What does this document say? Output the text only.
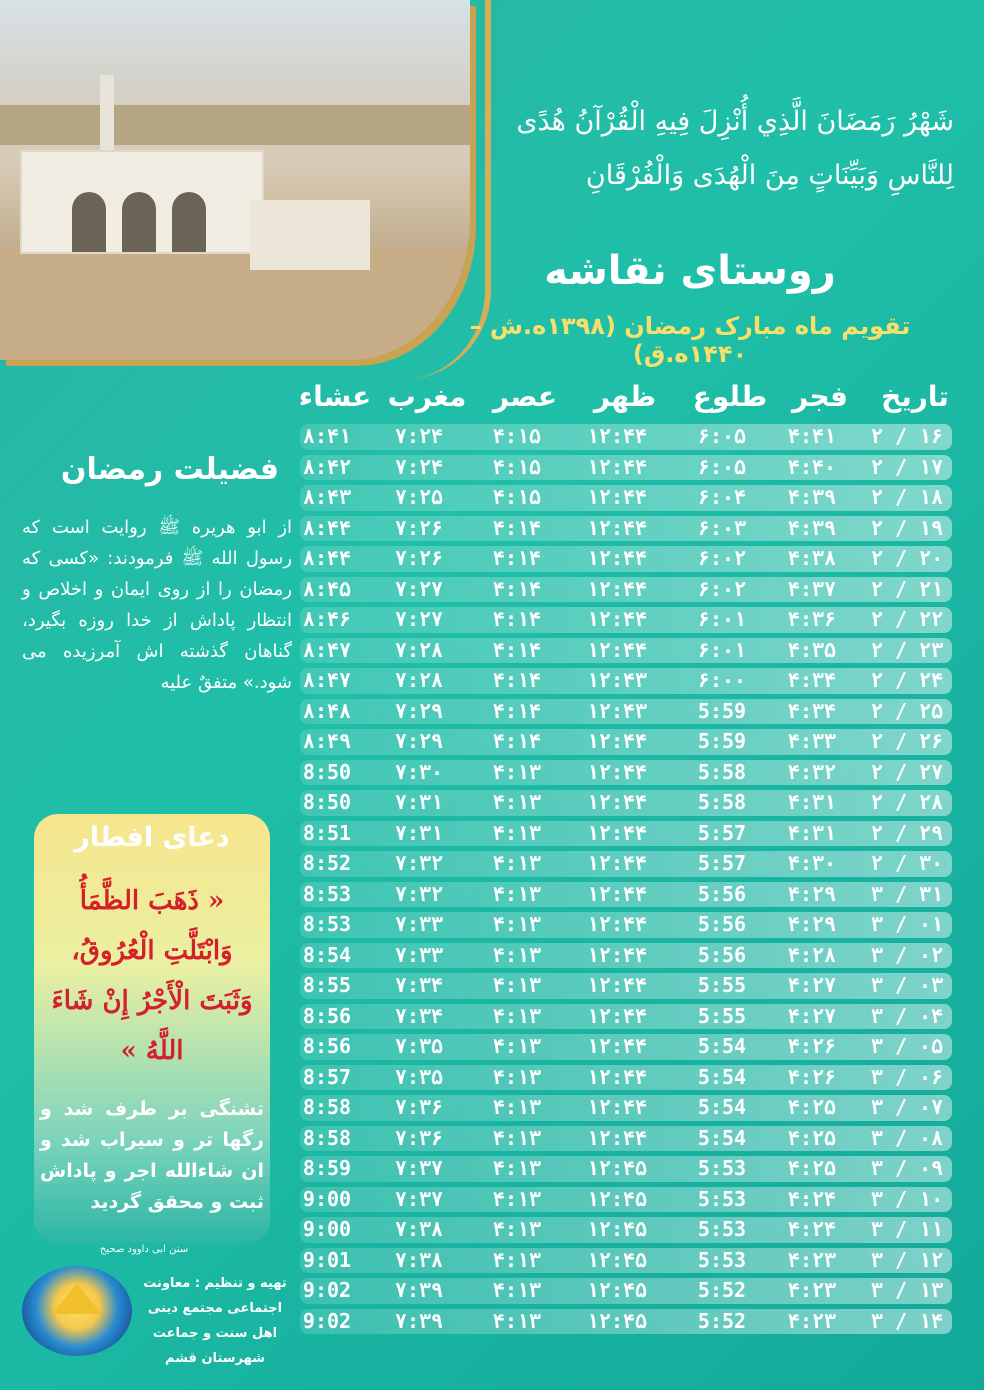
شَهْرُ رَمَضَانَ الَّذِي أُنْزِلَ فِيهِ الْقُرْآنُ هُدًى
لِلنَّاسِ وَبَيِّنَاتٍ مِنَ الْهُدَى وَالْفُرْقَانِ
روستای نقاشه
تقویم ماه مبارک رمضان (۱۳۹۸ه.ش – ۱۴۴۰ه.ق)
تاریخ
فجر
طلوع
ظهر
عصر
مغرب
عشاء
۲ / ۱۶
۴:۴۱
۶:۰۵
۱۲:۴۴
۴:۱۵
۷:۲۴
۸:۴۱
۲ / ۱۷
۴:۴۰
۶:۰۵
۱۲:۴۴
۴:۱۵
۷:۲۴
۸:۴۲
۲ / ۱۸
۴:۳۹
۶:۰۴
۱۲:۴۴
۴:۱۵
۷:۲۵
۸:۴۳
۲ / ۱۹
۴:۳۹
۶:۰۳
۱۲:۴۴
۴:۱۴
۷:۲۶
۸:۴۴
۲ / ۲۰
۴:۳۸
۶:۰۲
۱۲:۴۴
۴:۱۴
۷:۲۶
۸:۴۴
۲ / ۲۱
۴:۳۷
۶:۰۲
۱۲:۴۴
۴:۱۴
۷:۲۷
۸:۴۵
۲ / ۲۲
۴:۳۶
۶:۰۱
۱۲:۴۴
۴:۱۴
۷:۲۷
۸:۴۶
۲ / ۲۳
۴:۳۵
۶:۰۱
۱۲:۴۴
۴:۱۴
۷:۲۸
۸:۴۷
۲ / ۲۴
۴:۳۴
۶:۰۰
۱۲:۴۳
۴:۱۴
۷:۲۸
۸:۴۷
۲ / ۲۵
۴:۳۴
5:59
۱۲:۴۳
۴:۱۴
۷:۲۹
۸:۴۸
۲ / ۲۶
۴:۳۳
5:59
۱۲:۴۴
۴:۱۴
۷:۲۹
۸:۴۹
۲ / ۲۷
۴:۳۲
5:58
۱۲:۴۴
۴:۱۳
۷:۳۰
8:50
۲ / ۲۸
۴:۳۱
5:58
۱۲:۴۴
۴:۱۳
۷:۳۱
8:50
۲ / ۲۹
۴:۳۱
5:57
۱۲:۴۴
۴:۱۳
۷:۳۱
8:51
۲ / ۳۰
۴:۳۰
5:57
۱۲:۴۴
۴:۱۳
۷:۳۲
8:52
۳ / ۳۱
۴:۲۹
5:56
۱۲:۴۴
۴:۱۳
۷:۳۲
8:53
۳ / ۰۱
۴:۲۹
5:56
۱۲:۴۴
۴:۱۳
۷:۳۳
8:53
۳ / ۰۲
۴:۲۸
5:56
۱۲:۴۴
۴:۱۳
۷:۳۳
8:54
۳ / ۰۳
۴:۲۷
5:55
۱۲:۴۴
۴:۱۳
۷:۳۴
8:55
۳ / ۰۴
۴:۲۷
5:55
۱۲:۴۴
۴:۱۳
۷:۳۴
8:56
۳ / ۰۵
۴:۲۶
5:54
۱۲:۴۴
۴:۱۳
۷:۳۵
8:56
۳ / ۰۶
۴:۲۶
5:54
۱۲:۴۴
۴:۱۳
۷:۳۵
8:57
۳ / ۰۷
۴:۲۵
5:54
۱۲:۴۴
۴:۱۳
۷:۳۶
8:58
۳ / ۰۸
۴:۲۵
5:54
۱۲:۴۴
۴:۱۳
۷:۳۶
8:58
۳ / ۰۹
۴:۲۵
5:53
۱۲:۴۵
۴:۱۳
۷:۳۷
8:59
۳ / ۱۰
۴:۲۴
5:53
۱۲:۴۵
۴:۱۳
۷:۳۷
9:00
۳ / ۱۱
۴:۲۴
5:53
۱۲:۴۵
۴:۱۳
۷:۳۸
9:00
۳ / ۱۲
۴:۲۳
5:53
۱۲:۴۵
۴:۱۳
۷:۳۸
9:01
۳ / ۱۳
۴:۲۳
5:52
۱۲:۴۵
۴:۱۳
۷:۳۹
9:02
۳ / ۱۴
۴:۲۳
5:52
۱۲:۴۵
۴:۱۳
۷:۳۹
9:02
فضیلت رمضان
از ابو هریره ﷺ روایت است که رسول الله ﷺ فرمودند: «کسی که رمضان را از روی ایمان و اخلاص و انتظار پاداش از خدا روزه بگیرد، گناهان گذشته اش آمرزیده می شود.» متفقٌ علیه
دعای افطار
« ذَهَبَ الظَّمَأُ وَابْتَلَّتِ الْعُرُوقُ، وَثَبَتَ الْأَجْرُ إِنْ شَاءَ اللَّهُ »
تشنگی بر طرف شد و رگها تر و سیراب شد و ان شاءالله اجر و پاداش ثبت و محقق گردید
سنن ابی داوود صحیح
تهیه و تنظیم : معاونت اجتماعی مجتمع دینی اهل سنت و جماعت شهرستان قشم
